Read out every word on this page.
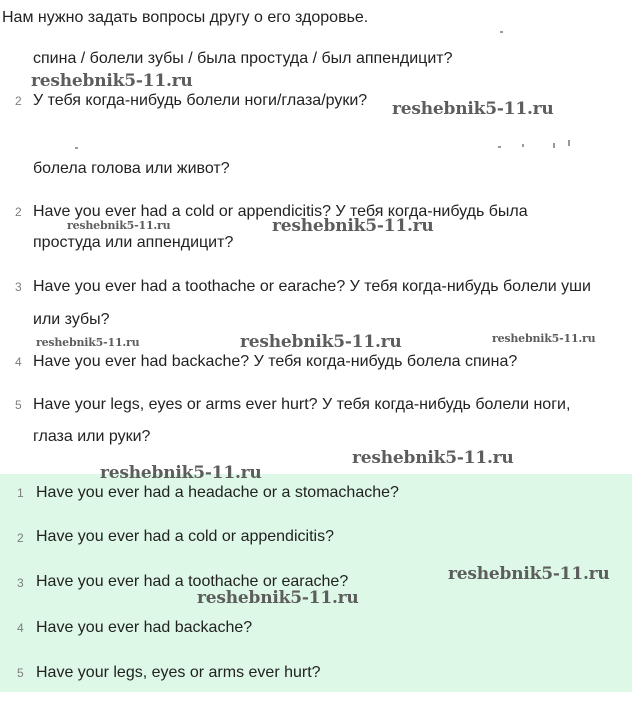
Нам нужно задать вопросы другу о его здоровье.
спина / болели зубы / была простуда / был аппендицит?
2 У тебя когда-нибудь болели ноги/глаза/руки?
болела голова или живот?
2 Have you ever had a cold or appendicitis? У тебя когда-нибудь была
простуда или аппендицит?
3 Have you ever had a toothache or earache? У тебя когда-нибудь болели уши
или зубы?
4 Have you ever had backache? У тебя когда-нибудь болела спина?
5 Have your legs, eyes or arms ever hurt? У тебя когда-нибудь болели ноги,
глаза или руки?
1 Have you ever had a headache or a stomachache?
2 Have you ever had a cold or appendicitis?
3 Have you ever had a toothache or earache?
4 Have you ever had backache?
5 Have your legs, eyes or arms ever hurt?
reshebnik5-11.ru
reshebnik5-11.ru
reshebnik5-11.ru	reshebnik5-11.ru
reshebnik5-11.ru	reshebnik5-11.ru	reshebnik5-11.ru
reshebnik5-11.ru
reshebnik5-11.ru
reshebnik5-11.ru
reshebnik5-11.ru
